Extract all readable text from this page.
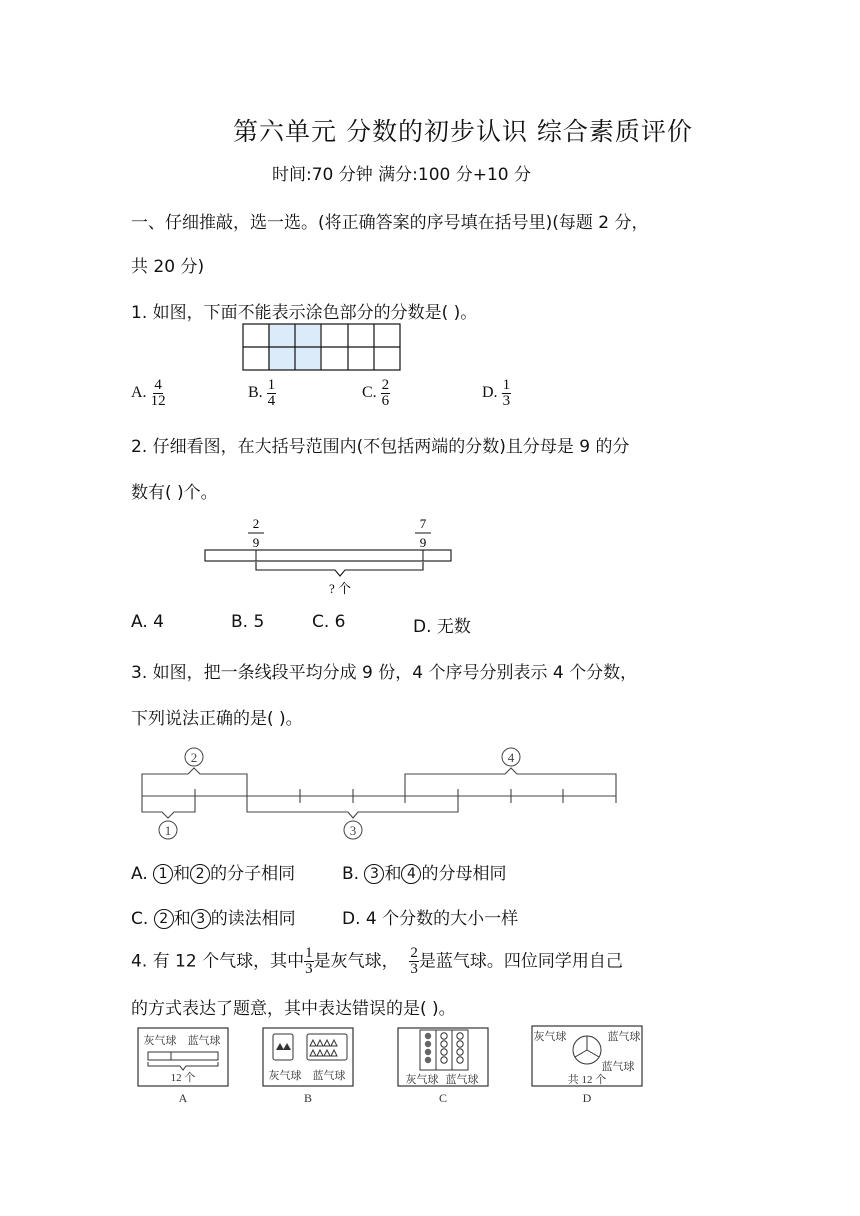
第六单元 分数的初步认识 综合素质评价
时间:70 分钟 满分:100 分+10 分
一、仔细推敲，选一选。(将正确答案的序号填在括号里)(每题 2 分，
共 20 分)
1. 如图，下面不能表示涂色部分的分数是( )。
A. $\frac{4}{12}$	B. $\frac{1}{4}$	C. $\frac{2}{6}$	D. $\frac{1}{3}$
2. 仔细看图，在大括号范围内(不包括两端的分数)且分母是 9 的分
数有( )个。
2
9
7
9
? 个
A. 4	B. 5	C. 6	D. 无数
3. 如图，把一条线段平均分成 9 份，4 个序号分别表示 4 个分数，
下列说法正确的是( )。
2	4
1	3
A. 1 和 2 的分子相同	B. 3 和 4 的分母相同
C. 2 和 3 的读法相同	D. 4 个分数的大小一样
4. 有 12 个气球，其中 $\frac{1}{3}$ 是灰气球， $\frac{2}{3}$ 是蓝气球。四位同学用自己
的方式表达了题意，其中表达错误的是( )。
灰气球 蓝气球
12 个
A
灰气球 蓝气球
B
灰气球 蓝气球
C
灰气球	蓝气球
蓝气球
共 12 个
D
